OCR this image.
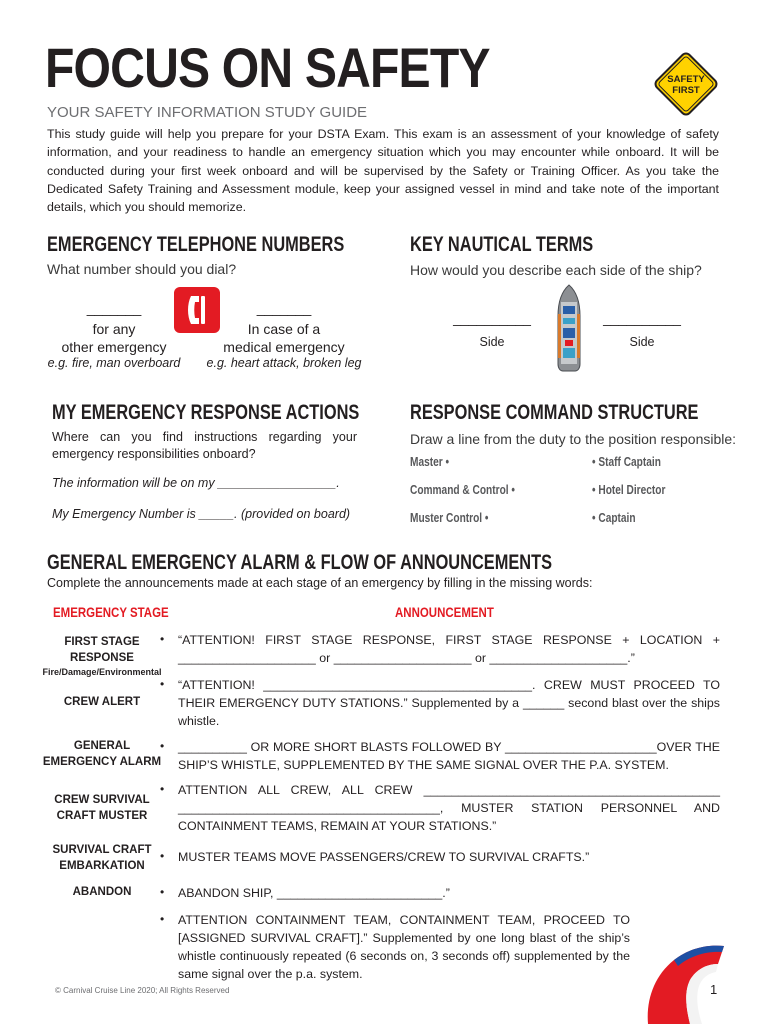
FOCUS ON SAFETY
YOUR SAFETY INFORMATION STUDY GUIDE
This study guide will help you prepare for your DSTA Exam. This exam is an assessment of your knowledge of safety information, and your readiness to handle an emergency situation which you may encounter while onboard. It will be conducted during your first week onboard and will be supervised by the Safety or Training Officer. As you take the Dedicated Safety Training and Assessment module, keep your assigned vessel in mind and take note of the important details, which you should memorize.
SAFETY
FIRST
EMERGENCY TELEPHONE NUMBERS
What number should you dial?
_______
for any
other emergency
e.g. fire, man overboard
_______
In case of a
medical emergency
e.g. heart attack, broken leg
KEY NAUTICAL TERMS
How would you describe each side of the ship?
__________
Side
__________
Side
MY EMERGENCY RESPONSE ACTIONS
Where can you find instructions regarding your emergency responsibilities onboard?
The information will be on my _________________.
My Emergency Number is _____. (provided on board)
RESPONSE COMMAND STRUCTURE
Draw a line from the duty to the position responsible:
Master •
Command & Control •
Muster Control •
• Staff Captain
• Hotel Director
• Captain
GENERAL EMERGENCY ALARM & FLOW OF ANNOUNCEMENTS
Complete the announcements made at each stage of an emergency by filling in the missing words:
EMERGENCY STAGE	ANNOUNCEMENT
FIRST STAGE RESPONSE
Fire/Damage/Environmental
• “ATTENTION! FIRST STAGE RESPONSE, FIRST STAGE RESPONSE + LOCATION + ____________________ or ____________________ or ____________________.”
CREW ALERT
• “ATTENTION! _______________________________________. CREW MUST PROCEED TO THEIR EMERGENCY DUTY STATIONS.” Supplemented by a ______ second blast over the ships whistle.
GENERAL EMERGENCY ALARM
• __________ OR MORE SHORT BLASTS FOLLOWED BY ______________________OVER THE SHIP’S WHISTLE, SUPPLEMENTED BY THE SAME SIGNAL OVER THE P.A. SYSTEM.
CREW SURVIVAL CRAFT MUSTER
• ATTENTION ALL CREW, ALL CREW ___________________________________________ ______________________________________, MUSTER STATION PERSONNEL AND CONTAINMENT TEAMS, REMAIN AT YOUR STATIONS.”
SURVIVAL CRAFT EMBARKATION
• MUSTER TEAMS MOVE PASSENGERS/CREW TO SURVIVAL CRAFTS.”
ABANDON	• ABANDON SHIP, ________________________.”
• ATTENTION CONTAINMENT TEAM, CONTAINMENT TEAM, PROCEED TO [ASSIGNED SURVIVAL CRAFT].” Supplemented by one long blast of the ship’s whistle continuously repeated (6 seconds on, 3 seconds off) supplemented by the same signal over the p.a. system.
© Carnival Cruise Line 2020; All Rights Reserved	1
